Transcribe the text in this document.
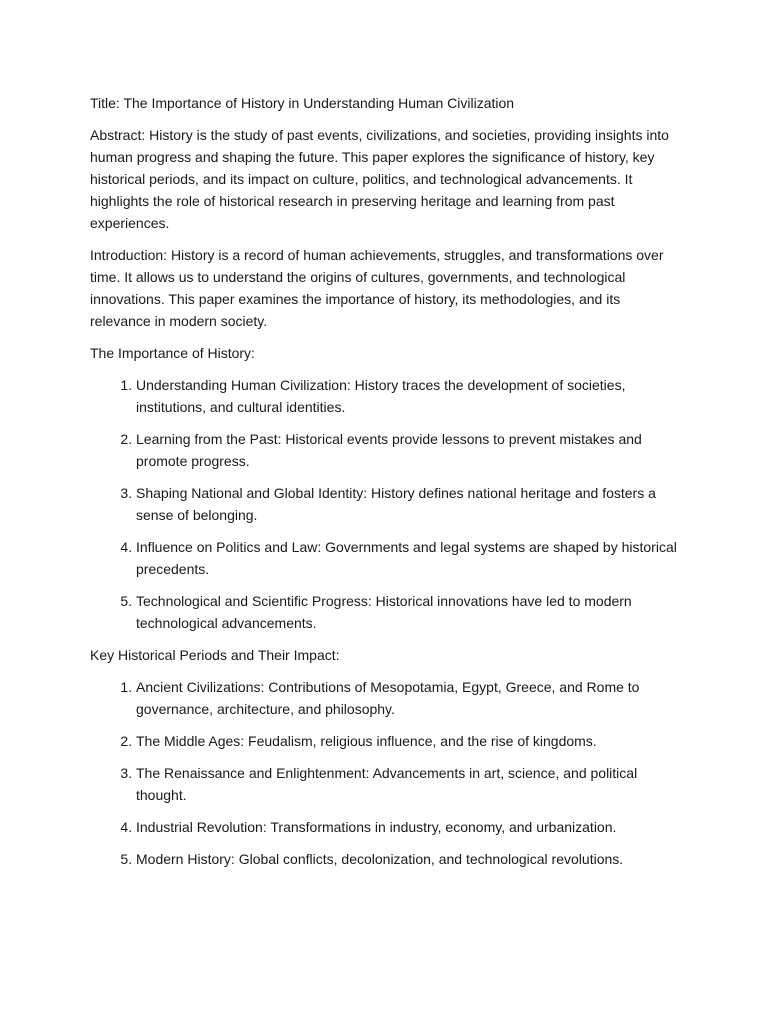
Title: The Importance of History in Understanding Human Civilization

Abstract: History is the study of past events, civilizations, and societies, providing insights into human progress and shaping the future. This paper explores the significance of history, key historical periods, and its impact on culture, politics, and technological advancements. It highlights the role of historical research in preserving heritage and learning from past experiences.

Introduction: History is a record of human achievements, struggles, and transformations over time. It allows us to understand the origins of cultures, governments, and technological innovations. This paper examines the importance of history, its methodologies, and its relevance in modern society.

The Importance of History:

1. Understanding Human Civilization: History traces the development of societies, institutions, and cultural identities.
2. Learning from the Past: Historical events provide lessons to prevent mistakes and promote progress.
3. Shaping National and Global Identity: History defines national heritage and fosters a sense of belonging.
4. Influence on Politics and Law: Governments and legal systems are shaped by historical precedents.
5. Technological and Scientific Progress: Historical innovations have led to modern technological advancements.

Key Historical Periods and Their Impact:

1. Ancient Civilizations: Contributions of Mesopotamia, Egypt, Greece, and Rome to governance, architecture, and philosophy.
2. The Middle Ages: Feudalism, religious influence, and the rise of kingdoms.
3. The Renaissance and Enlightenment: Advancements in art, science, and political thought.
4. Industrial Revolution: Transformations in industry, economy, and urbanization.
5. Modern History: Global conflicts, decolonization, and technological revolutions.
